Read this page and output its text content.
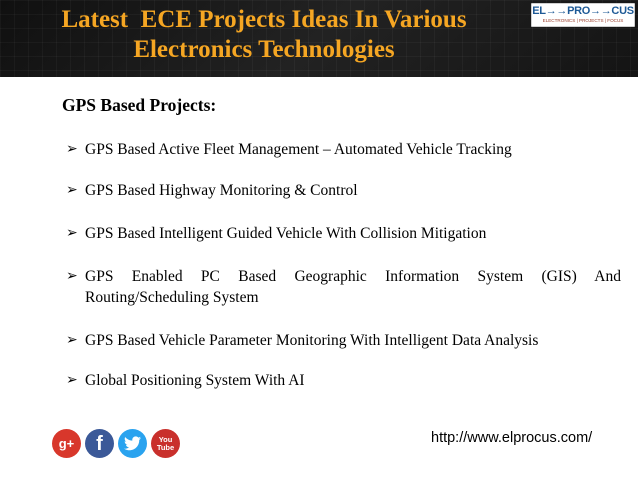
Latest  ECE Projects Ideas In Various
Electronics Technologies
EL→→PRO→→CUS
ELECTRONICS | PROJECTS | FOCUS
GPS Based Projects:
➢ GPS Based Active Fleet Management – Automated Vehicle Tracking
➢ GPS Based Highway Monitoring & Control
➢ GPS Based Intelligent Guided Vehicle With Collision Mitigation
➢ GPS Enabled PC Based Geographic Information System (GIS) And Routing/Scheduling System
➢ GPS Based Vehicle Parameter Monitoring With Intelligent Data Analysis
➢ Global Positioning System With AI
g+	f	You
Tube
http://www.elprocus.com/
